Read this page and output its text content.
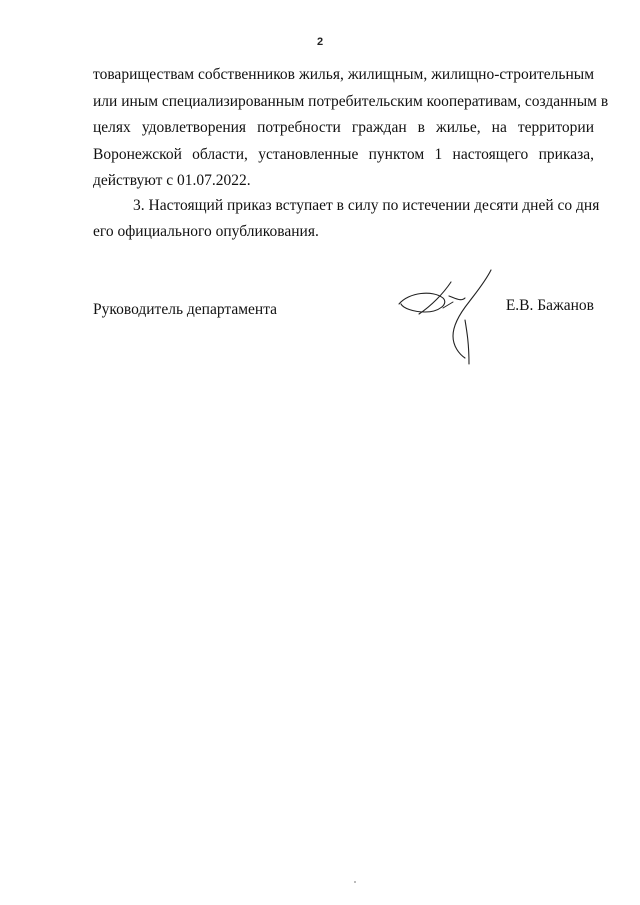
2
товариществам собственников жилья, жилищным, жилищно-строительным
или иным специализированным потребительским кооперативам, созданным в
целях удовлетворения потребности граждан в жилье, на территории
Воронежской области, установленные пунктом 1 настоящего приказа,
действуют с 01.07.2022.
3. Настоящий приказ вступает в силу по истечении десяти дней со дня
его официального опубликования.
Руководитель департамента	Е.В. Бажанов
